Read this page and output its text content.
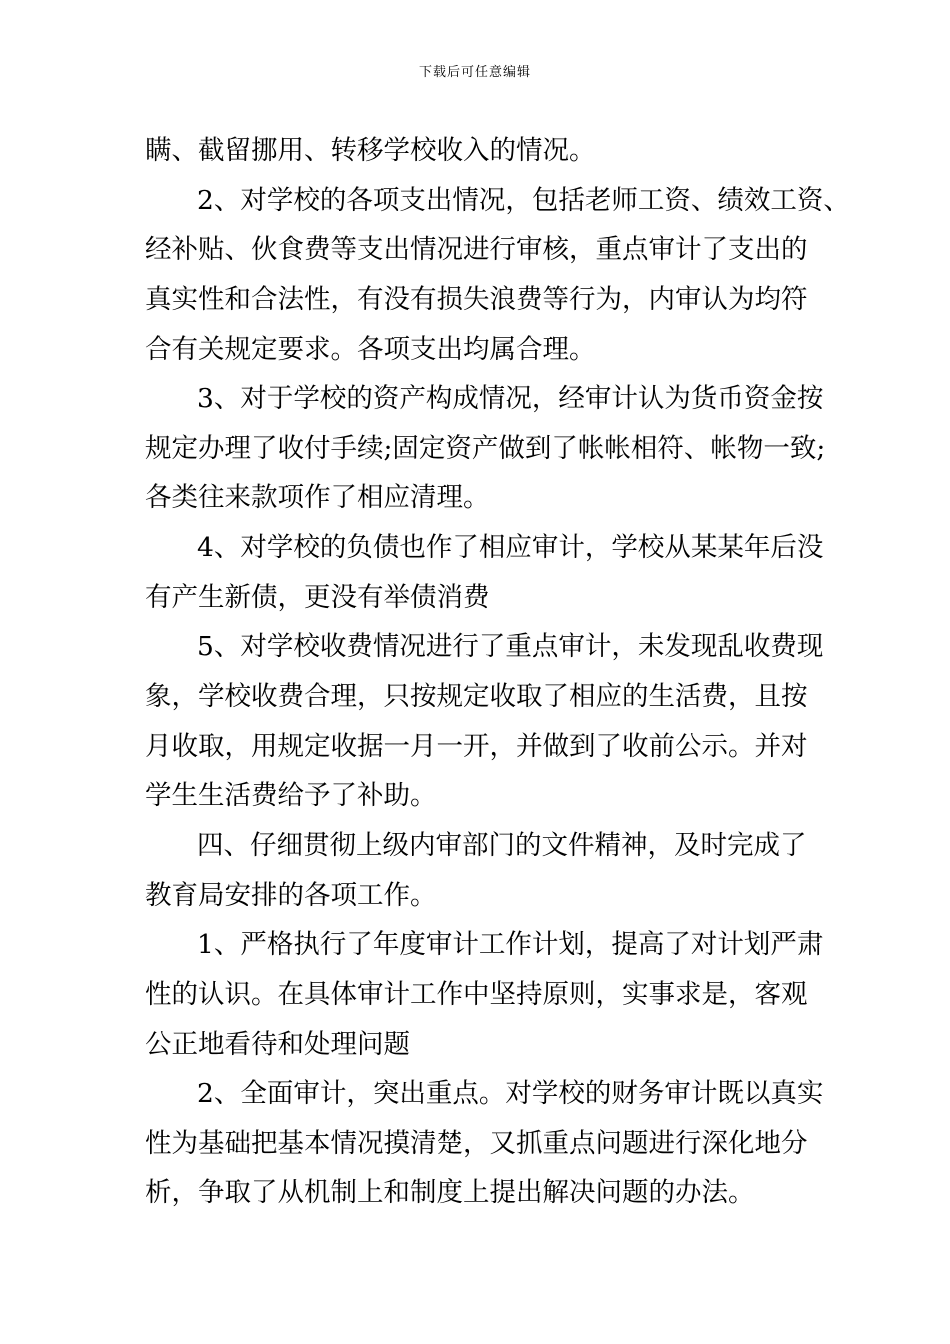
下载后可任意编辑
瞒、截留挪用、转移学校收入的情况。
2、对学校的各项支出情况，包括老师工资、绩效工资、
经补贴、伙食费等支出情况进行审核，重点审计了支出的
真实性和合法性，有没有损失浪费等行为，内审认为均符
合有关规定要求。各项支出均属合理。
3、对于学校的资产构成情况，经审计认为货币资金按
规定办理了收付手续;固定资产做到了帐帐相符、帐物一致;
各类往来款项作了相应清理。
4、对学校的负债也作了相应审计，学校从某某年后没
有产生新债，更没有举债消费
5、对学校收费情况进行了重点审计，未发现乱收费现
象，学校收费合理，只按规定收取了相应的生活费，且按
月收取，用规定收据一月一开，并做到了收前公示。并对
学生生活费给予了补助。
四、仔细贯彻上级内审部门的文件精神，及时完成了
教育局安排的各项工作。
1、严格执行了年度审计工作计划，提高了对计划严肃
性的认识。在具体审计工作中坚持原则，实事求是，客观
公正地看待和处理问题
2、全面审计，突出重点。对学校的财务审计既以真实
性为基础把基本情况摸清楚，又抓重点问题进行深化地分
析，争取了从机制上和制度上提出解决问题的办法。
